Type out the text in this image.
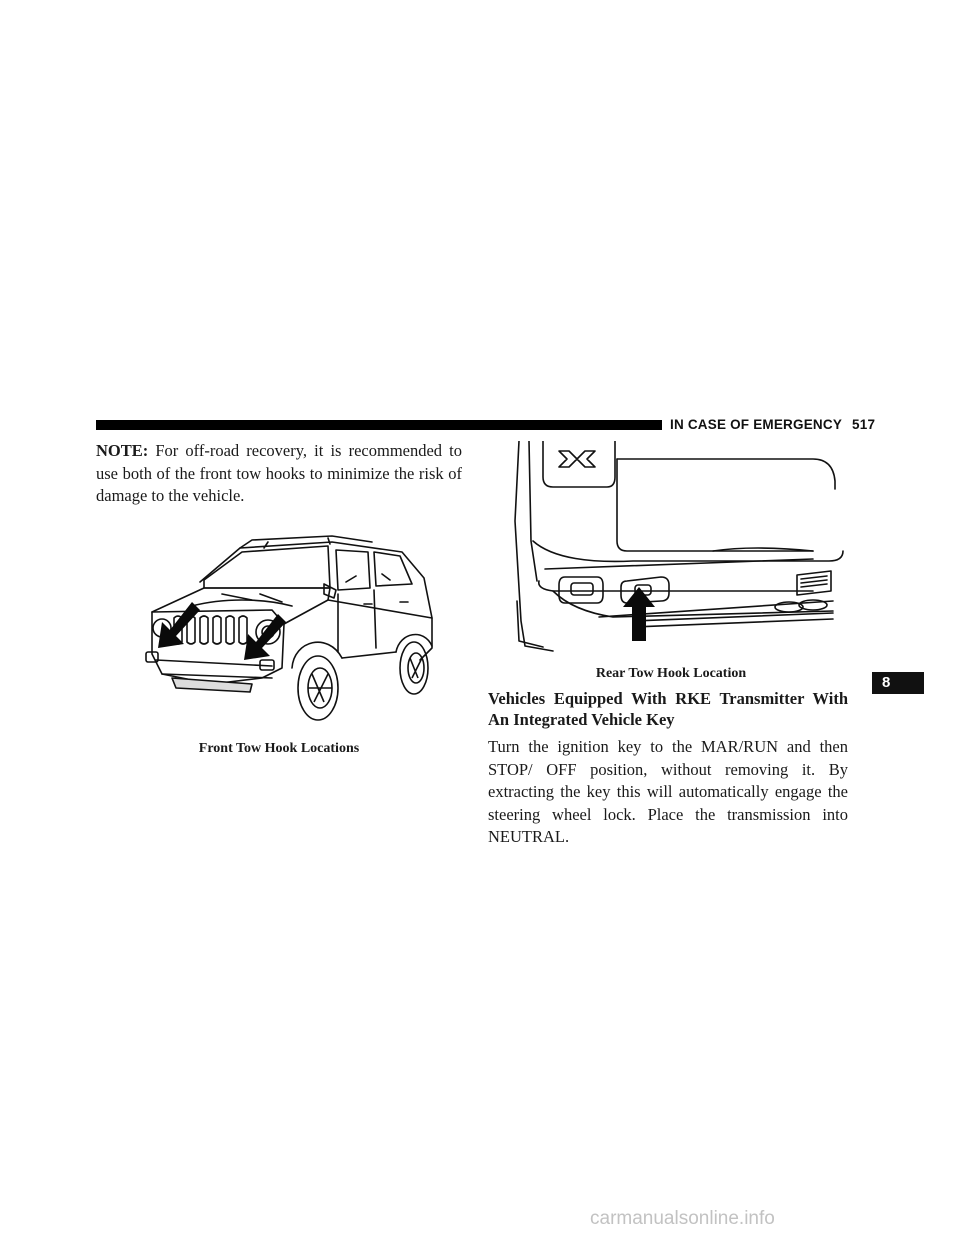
IN CASE OF EMERGENCY 517
NOTE: For off-road recovery, it is recommended to use both of the front tow hooks to minimize the risk of damage to the vehicle.
Front Tow Hook Locations
Rear Tow Hook Location
Vehicles Equipped With RKE Transmitter With An Integrated Vehicle Key
Turn the ignition key to the MAR/RUN and then STOP/ OFF position, without removing it. By extracting the key this will automatically engage the steering wheel lock. Place the transmission into NEUTRAL.
8
carmanualsonline.info
